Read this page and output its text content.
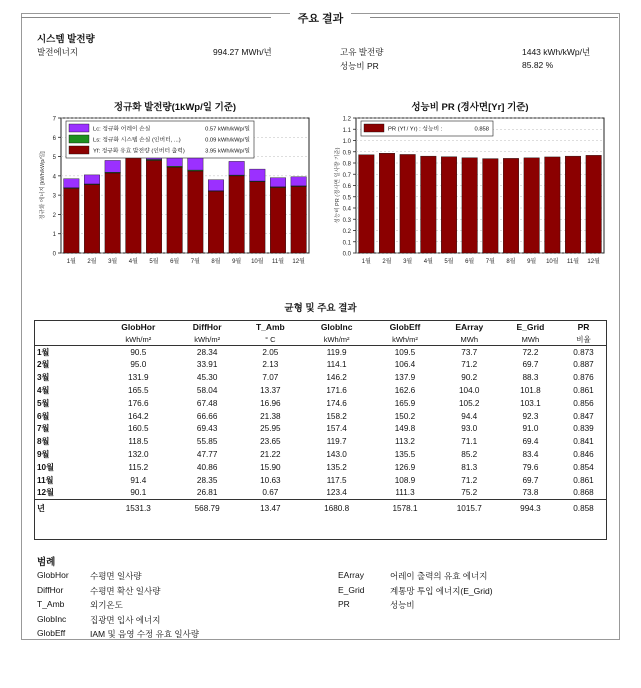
주요 결과
시스템 발전량
발전에너지	994.27 MWh/년	고유 발전량	1443 kWh/kWp/년
성능비 PR	85.82 %
정규화 발전량(1kWp/일 기준)	성능비 PR (경사면[Yr] 기준)
0
1
2
3
4
5
6
7
1월 2월 3월 4월 5월 6월 7월 8월 9월 10월 11월 12월
정규화 에너지 [kWh/kWp/일]
Lc: 정규화 어레이 손실	0.57 kWh/kWp/일
Ls: 정규화 시스템 손실 (인버터, ...)	0.09 kWh/kWp/일
Yf: 정규화 유효 발전량 (인버터 출력)	3.95 kWh/kWp/일
0.0
0.1
0.2
0.3
0.4
0.5
0.6
0.7
0.8
0.9
1.0
1.1
1.2
1월 2월 3월 4월 5월 6월 7월 8월 9월 10월 11월 12월
성능비 PR (경사면 일사량 기준)
PR (Yf / Yr) : 성능비 :	0.858
균형 및 주요 결과
	GlobHor	DiffHor	T_Amb	GlobInc	GlobEff	EArray	E_Grid	PR
	kWh/m²	kWh/m²	° C	kWh/m²	kWh/m²	MWh	MWh	비율
1월	90.5	28.34	2.05	119.9	109.5	73.7	72.2	0.873
2월	95.0	33.91	2.13	114.1	106.4	71.2	69.7	0.887
3월	131.9	45.30	7.07	146.2	137.9	90.2	88.3	0.876
4월	165.5	58.04	13.37	171.6	162.6	104.0	101.8	0.861
5월	176.6	67.48	16.96	174.6	165.9	105.2	103.1	0.856
6월	164.2	66.66	21.38	158.2	150.2	94.4	92.3	0.847
7월	160.5	69.43	25.95	157.4	149.8	93.0	91.0	0.839
8월	118.5	55.85	23.65	119.7	113.2	71.1	69.4	0.841
9월	132.0	47.77	21.22	143.0	135.5	85.2	83.4	0.846
10월	115.2	40.86	15.90	135.2	126.9	81.3	79.6	0.854
11월	91.4	28.35	10.63	117.5	108.9	71.2	69.7	0.861
12월	90.1	26.81	0.67	123.4	111.3	75.2	73.8	0.868
년	1531.3	568.79	13.47	1680.8	1578.1	1015.7	994.3	0.858
범례
GlobHor	수평면 일사량
DiffHor	수평면 확산 일사량
T_Amb	외기온도
GlobInc	집광면 입사 에너지
GlobEff	IAM 및 음영 수정 유효 일사량
EArray	어레이 출력의 유효 에너지
E_Grid	계통망 투입 에너지(E_Grid)
PR	성능비
